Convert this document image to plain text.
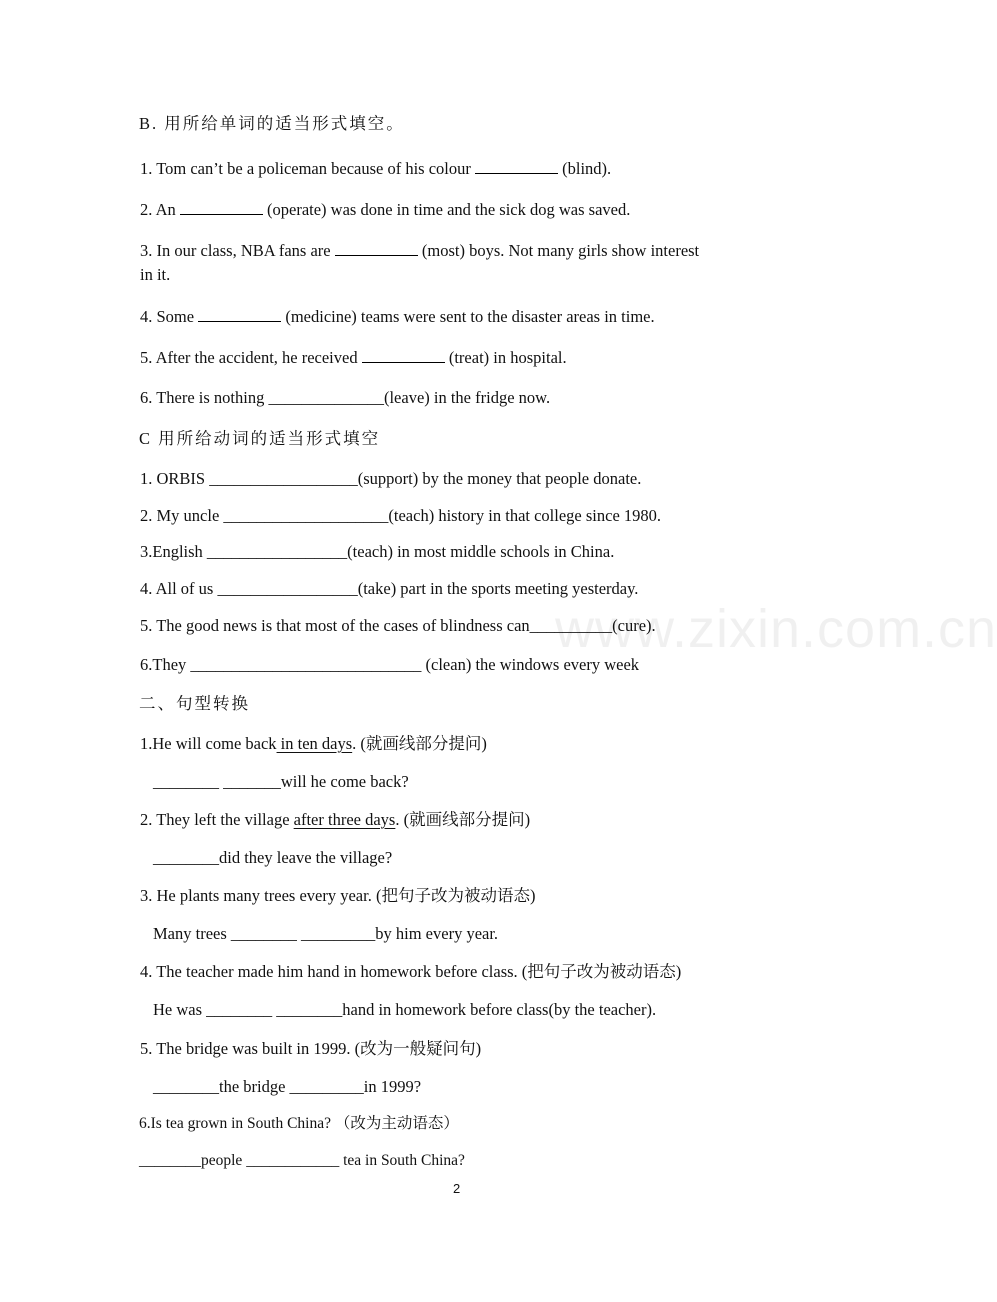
www.zixin.com.cn
B. 用所给单词的适当形式填空。
1. Tom can’t be a policeman because of his colour	(blind).
2. An	(operate) was done in time and the sick dog was saved.
3. In our class, NBA fans are	(most) boys. Not many girls show interest
in it.
4. Some	(medicine) teams were sent to the disaster areas in time.
5. After the accident, he received	(treat) in hospital.
6. There is nothing ______________(leave) in the fridge now.
C 用所给动词的适当形式填空
1. ORBIS __________________(support) by the money that people donate.
2. My uncle ____________________(teach) history in that college since 1980.
3.English _________________(teach) in most middle schools in China.
4. All of us _________________(take) part in the sports meeting yesterday.
5. The good news is that most of the cases of blindness can__________(cure).
6.They ____________________________ (clean) the windows every week
二、句型转换
1.He will come back in ten days. (就画线部分提问)
________ _______will he come back?
2. They left the village after three days. (就画线部分提问)
________did they leave the village?
3. He plants many trees every year. (把句子改为被动语态)
Many trees ________ _________by him every year.
4. The teacher made him hand in homework before class. (把句子改为被动语态)
He was ________ ________hand in homework before class(by the teacher).
5. The bridge was built in 1999. (改为一般疑问句)
________the bridge _________in 1999?
6.Is tea grown in South China? （改为主动语态）
________people ____________ tea in South China?
2
